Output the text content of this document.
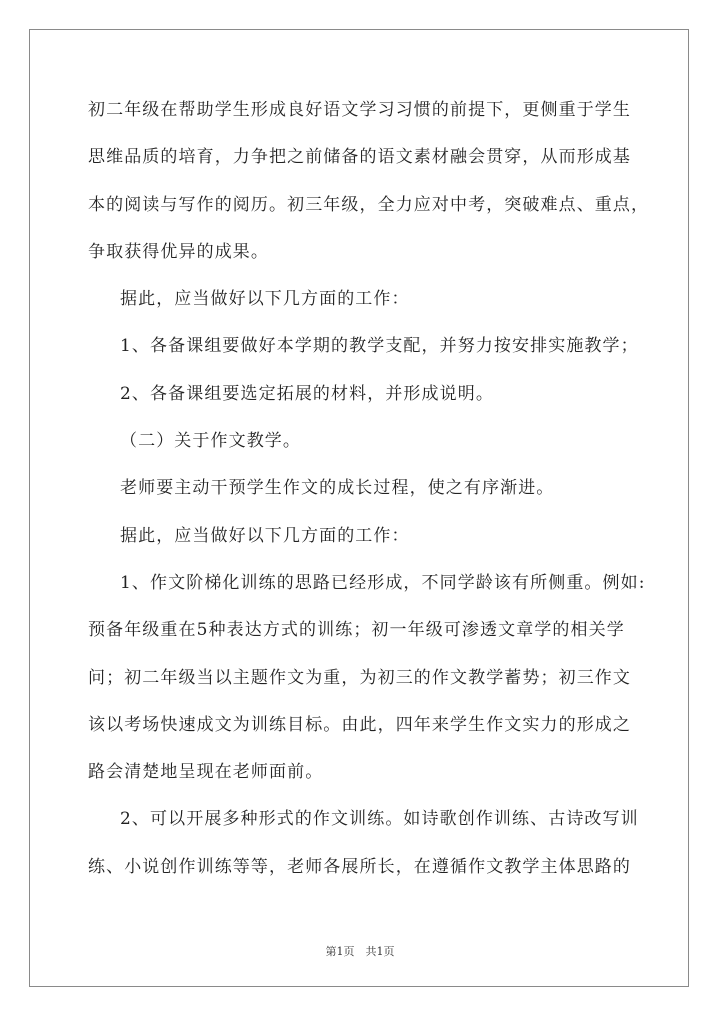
初二年级在帮助学生形成良好语文学习习惯的前提下，更侧重于学生
思维品质的培育，力争把之前储备的语文素材融会贯穿，从而形成基
本的阅读与写作的阅历。初三年级，全力应对中考，突破难点、重点，
争取获得优异的成果。
据此，应当做好以下几方面的工作：
1、各备课组要做好本学期的教学支配，并努力按安排实施教学；
2、各备课组要选定拓展的材料，并形成说明。
（二）关于作文教学。
老师要主动干预学生作文的成长过程，使之有序渐进。
据此，应当做好以下几方面的工作：
1、作文阶梯化训练的思路已经形成，不同学龄该有所侧重。例如:
预备年级重在5种表达方式的训练；初一年级可渗透文章学的相关学
问；初二年级当以主题作文为重，为初三的作文教学蓄势；初三作文
该以考场快速成文为训练目标。由此，四年来学生作文实力的形成之
路会清楚地呈现在老师面前。
2、可以开展多种形式的作文训练。如诗歌创作训练、古诗改写训
练、小说创作训练等等，老师各展所长，在遵循作文教学主体思路的
第1页　共1页
